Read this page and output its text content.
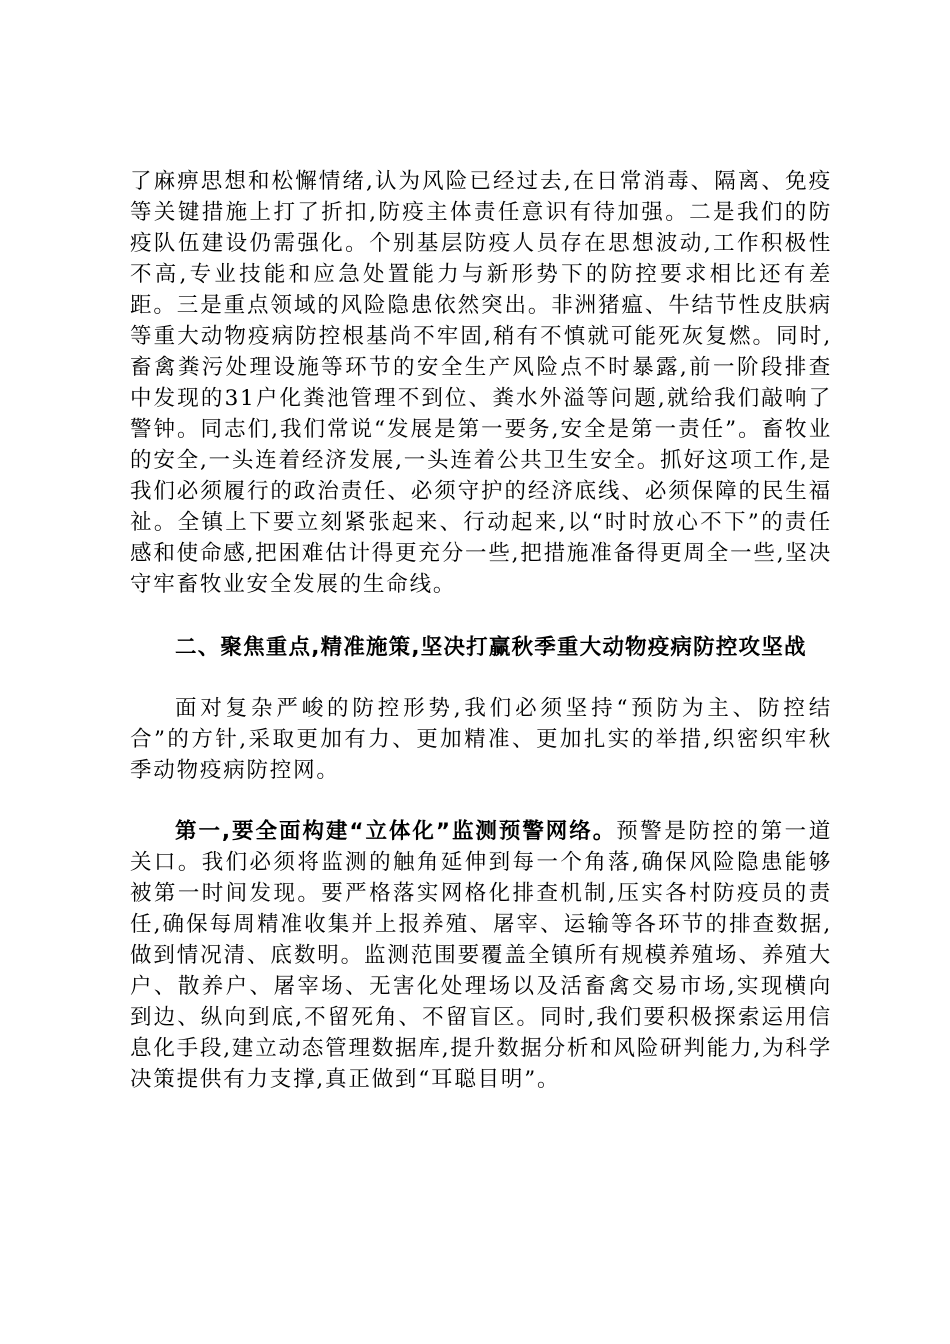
了麻痹思想和松懈情绪,认为风险已经过去,在日常消毒、隔离、免疫等关键措施上打了折扣,防疫主体责任意识有待加强。二是我们的防疫队伍建设仍需强化。个别基层防疫人员存在思想波动,工作积极性不高,专业技能和应急处置能力与新形势下的防控要求相比还有差距。三是重点领域的风险隐患依然突出。非洲猪瘟、牛结节性皮肤病等重大动物疫病防控根基尚不牢固,稍有不慎就可能死灰复燃。同时,畜禽粪污处理设施等环节的安全生产风险点不时暴露,前一阶段排查中发现的31户化粪池管理不到位、粪水外溢等问题,就给我们敲响了警钟。同志们,我们常说“发展是第一要务,安全是第一责任”。畜牧业的安全,一头连着经济发展,一头连着公共卫生安全。抓好这项工作,是我们必须履行的政治责任、必须守护的经济底线、必须保障的民生福祉。全镇上下要立刻紧张起来、行动起来,以“时时放心不下”的责任感和使命感,把困难估计得更充分一些,把措施准备得更周全一些,坚决守牢畜牧业安全发展的生命线。

二、聚焦重点,精准施策,坚决打赢秋季重大动物疫病防控攻坚战

面对复杂严峻的防控形势,我们必须坚持“预防为主、防控结合”的方针,采取更加有力、更加精准、更加扎实的举措,织密织牢秋季动物疫病防控网。

第一,要全面构建“立体化”监测预警网络。预警是防控的第一道关口。我们必须将监测的触角延伸到每一个角落,确保风险隐患能够被第一时间发现。要严格落实网格化排查机制,压实各村防疫员的责任,确保每周精准收集并上报养殖、屠宰、运输等各环节的排查数据,做到情况清、底数明。监测范围要覆盖全镇所有规模养殖场、养殖大户、散养户、屠宰场、无害化处理场以及活畜禽交易市场,实现横向到边、纵向到底,不留死角、不留盲区。同时,我们要积极探索运用信息化手段,建立动态管理数据库,提升数据分析和风险研判能力,为科学决策提供有力支撑,真正做到“耳聪目明”。
